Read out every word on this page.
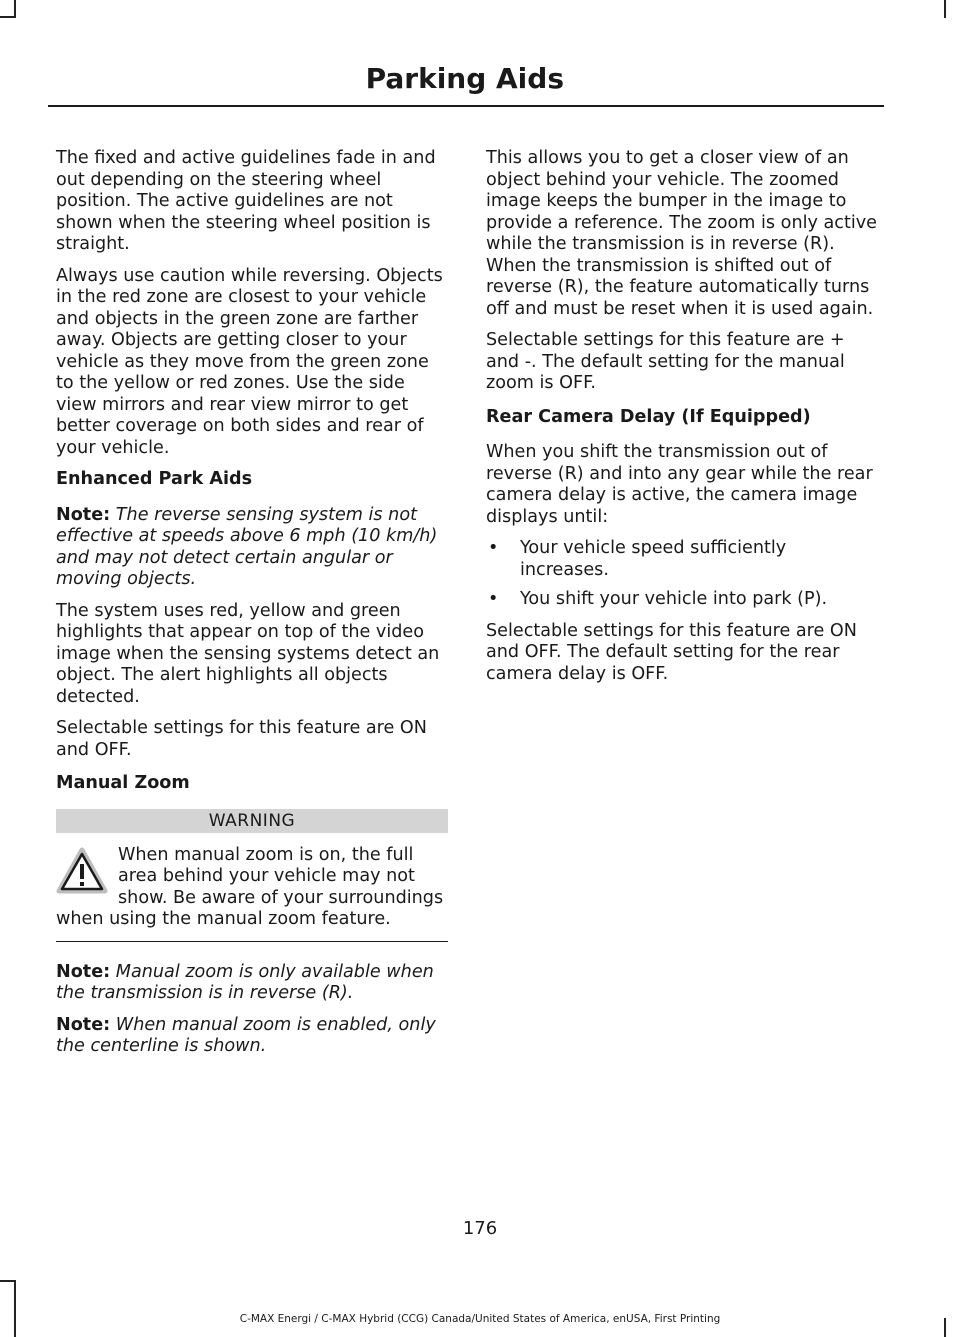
Parking Aids

The fixed and active guidelines fade in and out depending on the steering wheel position. The active guidelines are not shown when the steering wheel position is straight.

Always use caution while reversing. Objects in the red zone are closest to your vehicle and objects in the green zone are farther away. Objects are getting closer to your vehicle as they move from the green zone to the yellow or red zones. Use the side view mirrors and rear view mirror to get better coverage on both sides and rear of your vehicle.

Enhanced Park Aids

Note: The reverse sensing system is not effective at speeds above 6 mph (10 km/h) and may not detect certain angular or moving objects.

The system uses red, yellow and green highlights that appear on top of the video image when the sensing systems detect an object. The alert highlights all objects detected.

Selectable settings for this feature are ON and OFF.

Manual Zoom
WARNING

When manual zoom is on, the full area behind your vehicle may not show. Be aware of your surroundings when using the manual zoom feature.

Note: Manual zoom is only available when the transmission is in reverse (R).

Note: When manual zoom is enabled, only the centerline is shown.

This allows you to get a closer view of an object behind your vehicle. The zoomed image keeps the bumper in the image to provide a reference. The zoom is only active while the transmission is in reverse (R). When the transmission is shifted out of reverse (R), the feature automatically turns off and must be reset when it is used again.

Selectable settings for this feature are + and -. The default setting for the manual zoom is OFF.

Rear Camera Delay (If Equipped)

When you shift the transmission out of reverse (R) and into any gear while the rear camera delay is active, the camera image displays until:

• Your vehicle speed sufficiently increases.
• You shift your vehicle into park (P).

Selectable settings for this feature are ON and OFF. The default setting for the rear camera delay is OFF.

176
C-MAX Energi / C-MAX Hybrid (CCG) Canada/United States of America, enUSA, First Printing
